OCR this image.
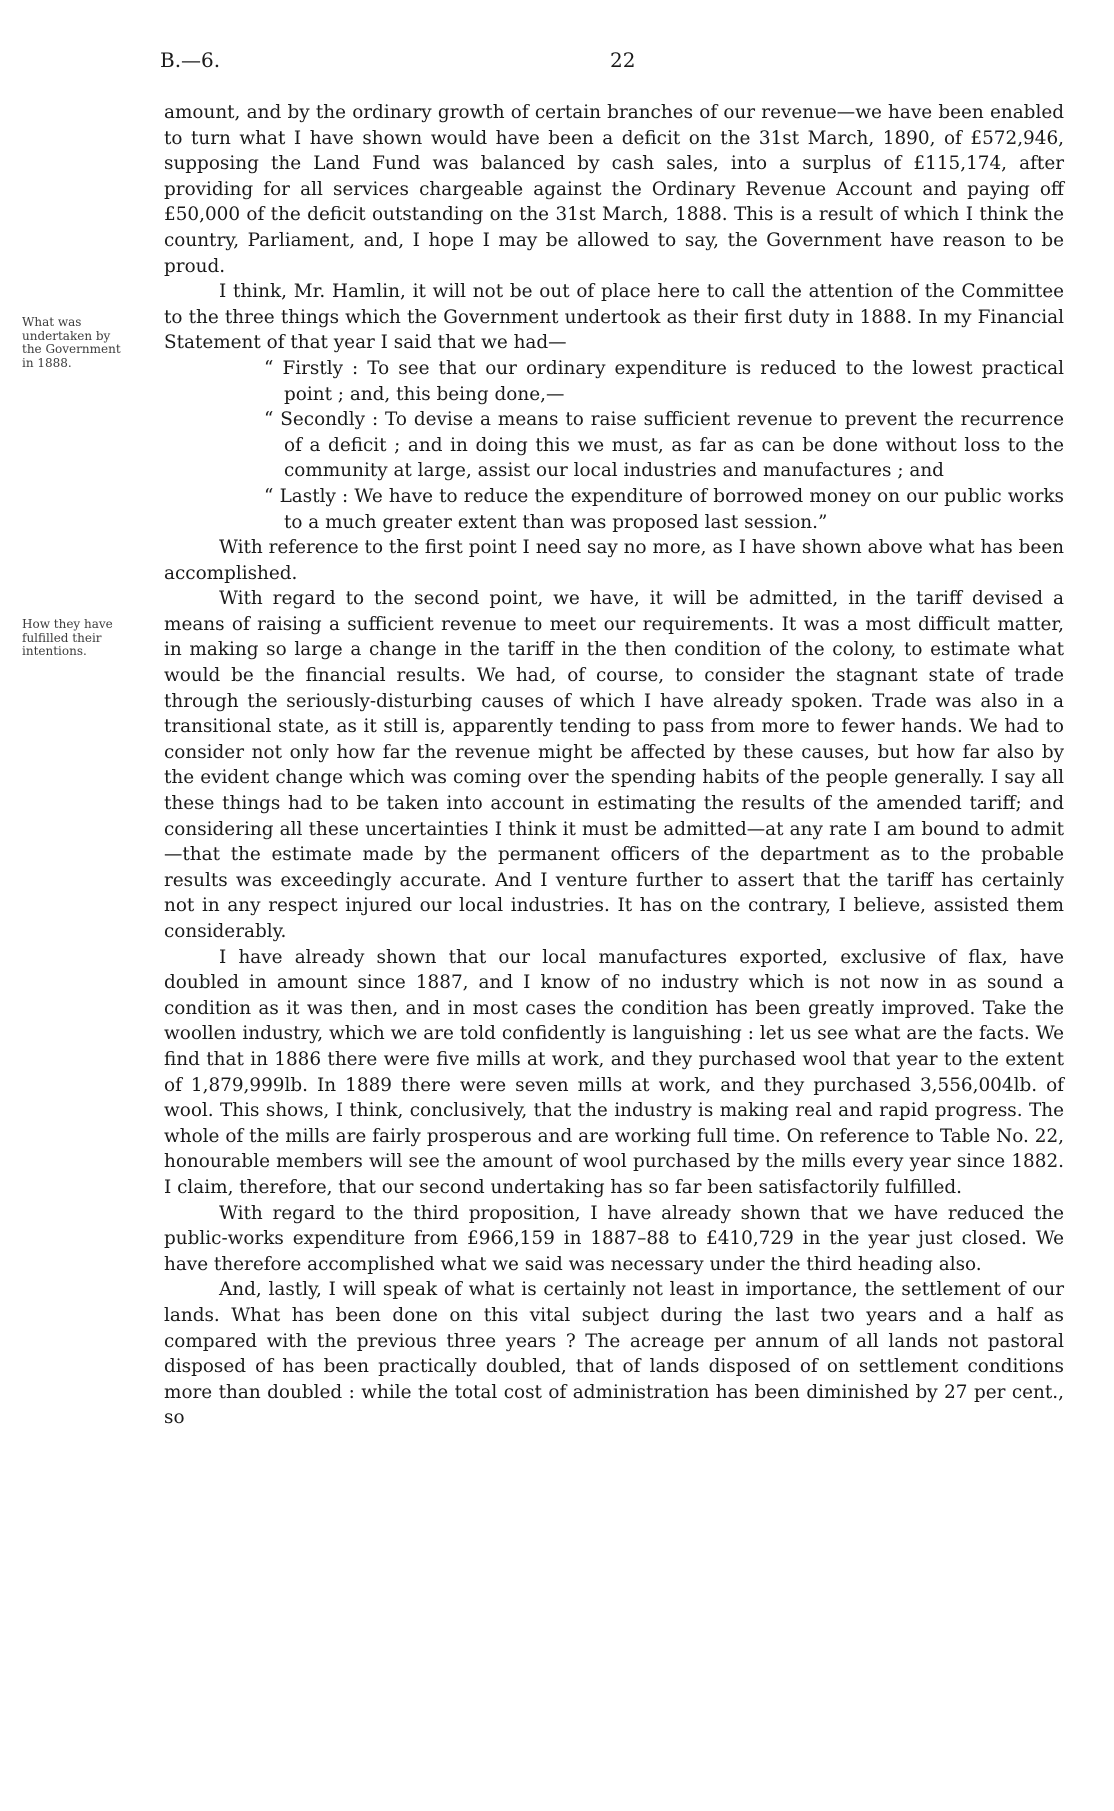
B.—6.	22
What was
undertaken by
the Government
in 1888.
How they have
fulfilled their
intentions.

amount, and by the ordinary growth of certain branches of our revenue—we have been enabled to turn what I have shown would have been a deficit on the 31st March, 1890, of £572,946, supposing the Land Fund was balanced by cash sales, into a surplus of £115,174, after providing for all services chargeable against the Ordinary Revenue Account and paying off £50,000 of the deficit outstanding on the 31st March, 1888. This is a result of which I think the country, Parliament, and, I hope I may be allowed to say, the Government have reason to be proud.

I think, Mr. Hamlin, it will not be out of place here to call the attention of the Committee to the three things which the Government undertook as their first duty in 1888. In my Financial Statement of that year I said that we had—

“ Firstly : To see that our ordinary expenditure is reduced to the lowest practical point ; and, this being done,—

“ Secondly : To devise a means to raise sufficient revenue to prevent the recurrence of a deficit ; and in doing this we must, as far as can be done without loss to the community at large, assist our local industries and manufactures ; and

“ Lastly : We have to reduce the expenditure of borrowed money on our public works to a much greater extent than was proposed last session.”

With reference to the first point I need say no more, as I have shown above what has been accomplished.

With regard to the second point, we have, it will be admitted, in the tariff devised a means of raising a sufficient revenue to meet our requirements. It was a most difficult matter, in making so large a change in the tariff in the then condition of the colony, to estimate what would be the financial results. We had, of course, to consider the stagnant state of trade through the seriously-disturbing causes of which I have already spoken. Trade was also in a transitional state, as it still is, apparently tending to pass from more to fewer hands. We had to consider not only how far the revenue might be affected by these causes, but how far also by the evident change which was coming over the spending habits of the people generally. I say all these things had to be taken into account in estimating the results of the amended tariff; and considering all these uncertainties I think it must be admitted—at any rate I am bound to admit—that the estimate made by the permanent officers of the department as to the probable results was exceedingly accurate. And I venture further to assert that the tariff has certainly not in any respect injured our local industries. It has on the contrary, I believe, assisted them considerably.

I have already shown that our local manufactures exported, exclusive of flax, have doubled in amount since 1887, and I know of no industry which is not now in as sound a condition as it was then, and in most cases the condition has been greatly improved. Take the woollen industry, which we are told confidently is languishing : let us see what are the facts. We find that in 1886 there were five mills at work, and they purchased wool that year to the extent of 1,879,999lb. In 1889 there were seven mills at work, and they purchased 3,556,004lb. of wool. This shows, I think, conclusively, that the industry is making real and rapid progress. The whole of the mills are fairly prosperous and are working full time. On reference to Table No. 22, honourable members will see the amount of wool purchased by the mills every year since 1882. I claim, therefore, that our second undertaking has so far been satisfactorily fulfilled.

With regard to the third proposition, I have already shown that we have reduced the public-works expenditure from £966,159 in 1887–88 to £410,729 in the year just closed. We have therefore accomplished what we said was necessary under the third heading also.

And, lastly, I will speak of what is certainly not least in importance, the settlement of our lands. What has been done on this vital subject during the last two years and a half as compared with the previous three years ? The acreage per annum of all lands not pastoral disposed of has been practically doubled, that of lands disposed of on settlement conditions more than doubled : while the total cost of administration has been diminished by 27 per cent., so
